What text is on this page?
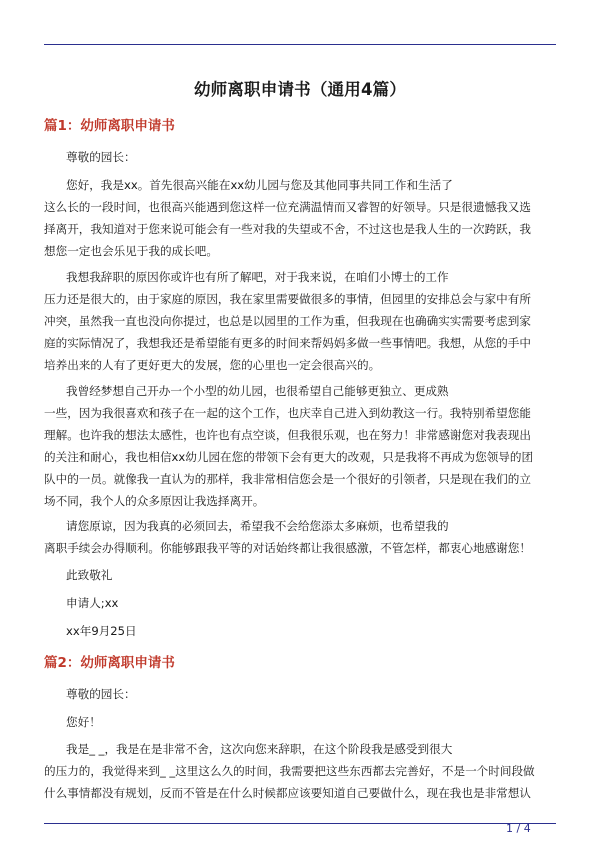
幼师离职申请书（通用4篇）
篇1：幼师离职申请书
尊敬的园长：
您好，我是xx。首先很高兴能在xx幼儿园与您及其他同事共同工作和生活了
这么长的一段时间，也很高兴能遇到您这样一位充满温情而又睿智的好领导。只是很遗憾我又选
择离开，我知道对于您来说可能会有一些对我的失望或不舍，不过这也是我人生的一次跨跃，我
想您一定也会乐见于我的成长吧。
我想我辞职的原因你或许也有所了解吧，对于我来说，在咱们小博士的工作
压力还是很大的，由于家庭的原因，我在家里需要做很多的事情，但园里的安排总会与家中有所
冲突，虽然我一直也没向你提过，也总是以园里的工作为重，但我现在也确确实实需要考虑到家
庭的实际情况了，我想我还是希望能有更多的时间来帮妈妈多做一些事情吧。我想，从您的手中
培养出来的人有了更好更大的发展，您的心里也一定会很高兴的。
我曾经梦想自己开办一个小型的幼儿园，也很希望自己能够更独立、更成熟
一些，因为我很喜欢和孩子在一起的这个工作，也庆幸自己进入到幼教这一行。我特别希望您能
理解。也许我的想法太感性，也许也有点空谈，但我很乐观，也在努力！非常感谢您对我表现出
的关注和耐心，我也相信xx幼儿园在您的带领下会有更大的改观，只是我将不再成为您领导的团
队中的一员。就像我一直认为的那样，我非常相信您会是一个很好的引领者，只是现在我们的立
场不同，我个人的众多原因让我选择离开。
请您原谅，因为我真的必须回去，希望我不会给您添太多麻烦，也希望我的
离职手续会办得顺利。你能够跟我平等的对话始终都让我很感激，不管怎样，都衷心地感谢您！
此致敬礼
申请人;xx
xx年9月25日
篇2：幼师离职申请书
尊敬的园长：
您好！
我是_ _，我是在是非常不舍，这次向您来辞职，在这个阶段我是感受到很大
的压力的，我觉得来到_ _这里这么久的时间，我需要把这些东西都去完善好，不是一个时间段做
什么事情都没有规划，反而不管是在什么时候都应该要知道自己要做什么，现在我也是非常想认
1 / 4
